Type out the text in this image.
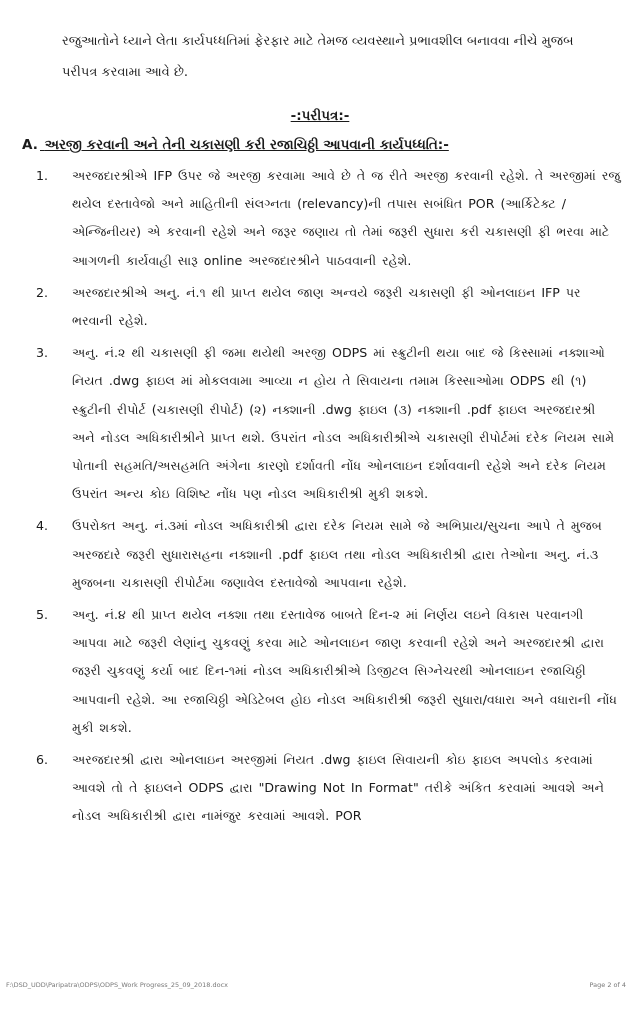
રજુઆતોને ધ્યાને લેતા કાર્યપધ્ધતિમાં ફેરફાર માટે તેમજ વ્યવસ્થાને પ્રભાવશીલ બનાવવા નીચે મુજબ પરીપત્ર કરવામા આવે છે.

-:પરીપત્ર:-
A. અરજી કરવાની અને તેની ચકાસણી કરી રજાચિઠ્ઠી આપવાની કાર્યપધ્ધતિ:-
1.	અરજદારશ્રીએ IFP ઉપર જે અરજી કરવામા આવે છે તે જ રીતે અરજી કરવાની રહેશે. તે અરજીમાં રજુ થયેલ દસ્તાવેજો અને માહિતીની સંલગ્નતા (relevancy)ની તપાસ સબંધિત POR (આર્કિટેક્ટ / એન્જિનીયર) એ કરવાની રહેશે અને જરૂર જણાય તો તેમાં જરૂરી સુધારા કરી ચકાસણી ફી ભરવા માટે આગળની કાર્યવાહી સારૂ online અરજદારશ્રીને પાઠવવાની રહેશે.

2.	અરજદારશ્રીએ અનુ. નં.૧ થી પ્રાપ્ત થયેલ જાણ અન્વયે જરૂરી ચકાસણી ફી ઓનલાઇન IFP પર ભરવાની રહેશે.

3.	અનુ. નં.૨ થી ચકાસણી ફી જમા થયેથી અરજી ODPS માં સ્ક્રુટીની થયા બાદ જે કિસ્સામાં નક્શાઓ નિયત .dwg ફાઇલ માં મોકલવામા આવ્યા ન હોય તે સિવાયના તમામ કિસ્સાઓમા ODPS થી (૧) સ્ક્રુટીની રીપોર્ટ (ચકાસણી રીપોર્ટ) (૨) નક્શાની .dwg ફાઇલ (૩) નક્શાની .pdf ફાઇલ અરજદારશ્રી અને નોડલ અધિકારીશ્રીને પ્રાપ્ત થશે. ઉપરાંત નોડલ અધિકારીશ્રીએ ચકાસણી રીપોર્ટમાં દરેક નિયમ સામે પોતાની સહમતિ/અસહમતિ અંગેના કારણો દર્શાવતી નોંધ ઓનલાઇન દર્શાવવાની રહેશે અને દરેક નિયમ ઉપરાંત અન્ય કોઇ વિશિષ્ટ નોંધ પણ નોડલ અધિકારીશ્રી મુકી શકશે.

4.	ઉપરોક્ત અનુ. નં.૩માં નોડલ અધિકારીશ્રી દ્વારા દરેક નિયમ સામે જે અભિપ્રાય/સુચના આપે તે મુજબ અરજદારે જરૂરી સુધારાસહના નક્શાની .pdf ફાઇલ તથા નોડલ અધિકારીશ્રી દ્વારા તેઓના અનુ. નં.૩ મુજબના ચકાસણી રીપોર્ટમા જણાવેલ દસ્તાવેજો આપવાના રહેશે.

5.	અનુ. નં.૪ થી પ્રાપ્ત થયેલ નક્શા તથા દસ્તાવેજ બાબતે દિન-૨ માં નિર્ણય લઇને વિકાસ પરવાનગી આપવા માટે જરૂરી લેણાંનુ ચુકવણું કરવા માટે ઓનલાઇન જાણ કરવાની રહેશે અને અરજદારશ્રી દ્વારા જરૂરી ચુકવણું કર્યા બાદ દિન-૧માં નોડલ અધિકારીશ્રીએ ડિજીટલ સિગ્નેચરથી ઓનલાઇન રજાચિઠ્ઠી આપવાની રહેશે. આ રજાચિઠ્ઠી એડિટેબલ હોઇ નોડલ અધિકારીશ્રી જરૂરી સુધારા/વધારા અને વધારાની નોંધ મુકી શકશે.

6.	અરજદારશ્રી દ્વારા ઓનલાઇન અરજીમાં નિયત .dwg ફાઇલ સિવાયની કોઇ ફાઇલ અપલોડ કરવામાં આવશે તો તે ફાઇલને ODPS દ્વારા "Drawing Not In Format" તરીકે અંકિત કરવામાં આવશે અને નોડલ અધિકારીશ્રી દ્વારા નામંજુર કરવામાં આવશે. POR

F:\DSD_UDD\Paripatra\ODPS\ODPS_Work Progress_25_09_2018.docx	Page 2 of 4
